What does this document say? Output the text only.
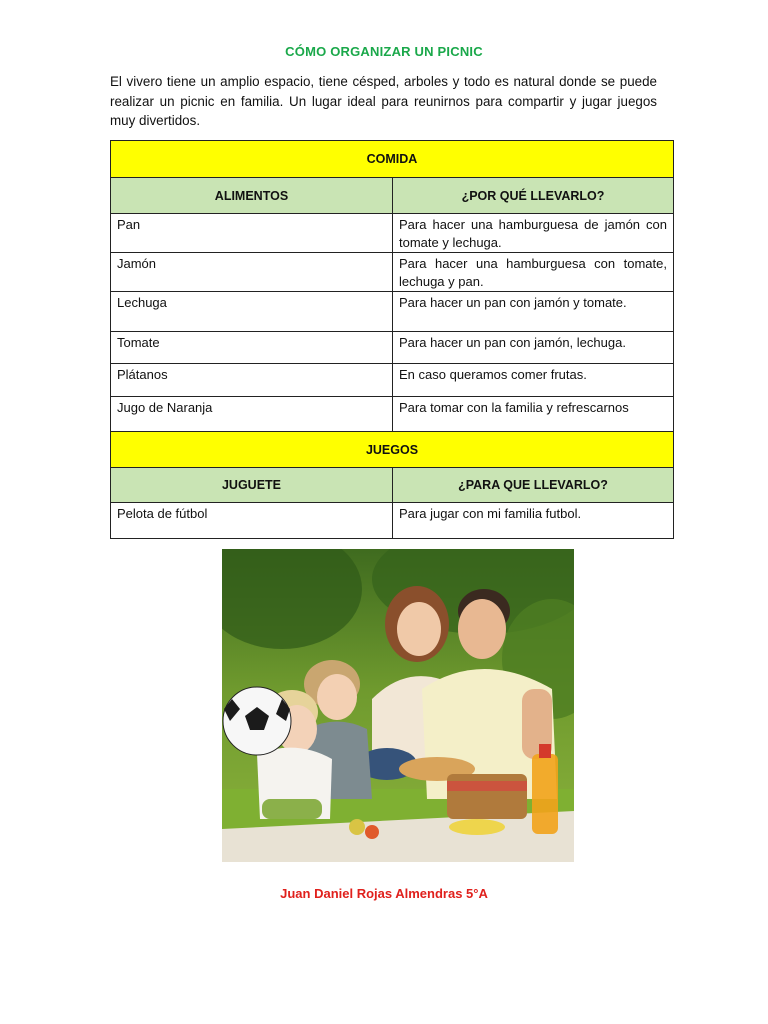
CÓMO ORGANIZAR UN PICNIC

El vivero tiene un amplio espacio, tiene césped, arboles y todo es natural donde se puede realizar un picnic en familia. Un lugar ideal para reunirnos para compartir y jugar juegos muy divertidos.

COMIDA	
ALIMENTOS	¿POR QUÉ LLEVARLO?
Pan	Para hacer una hamburguesa de jamón con tomate y lechuga.
Jamón	Para hacer una hamburguesa con tomate, lechuga y pan.
Lechuga	Para hacer un pan con jamón y tomate.
Tomate	Para hacer un pan con jamón, lechuga.
Plátanos	En caso queramos comer frutas.
Jugo de Naranja	Para tomar con la familia y refrescarnos
JUEGOS	
JUGUETE	¿PARA QUE LLEVARLO?
Pelota de fútbol	Para jugar con mi familia futbol.
Juan Daniel Rojas Almendras 5°A
